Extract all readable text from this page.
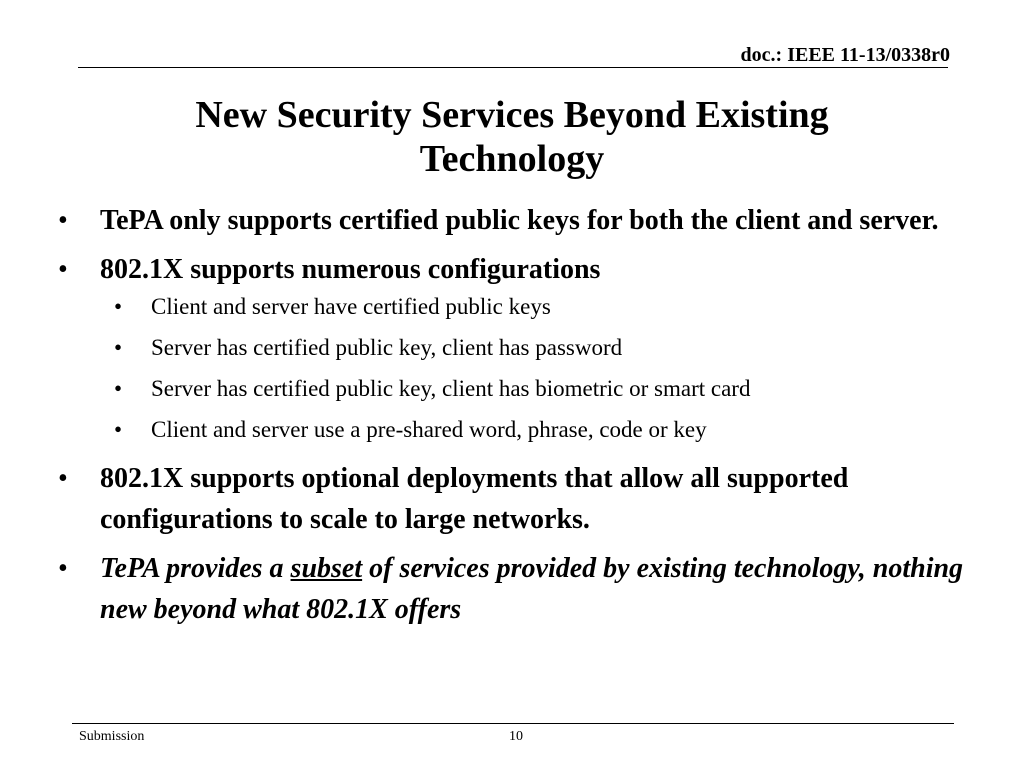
doc.: IEEE 11-13/0338r0
New Security Services Beyond Existing
Technology
• TePA only supports certified public keys for both the client and server.
• 802.1X supports numerous configurations
• Client and server have certified public keys
• Server has certified public key, client has password
• Server has certified public key, client has biometric or smart card
• Client and server use a pre-shared word, phrase, code or key
• 802.1X supports optional deployments that allow all supported configurations to scale to large networks.
• TePA provides a subset of services provided by existing technology, nothing new beyond what 802.1X offers
Submission	10
